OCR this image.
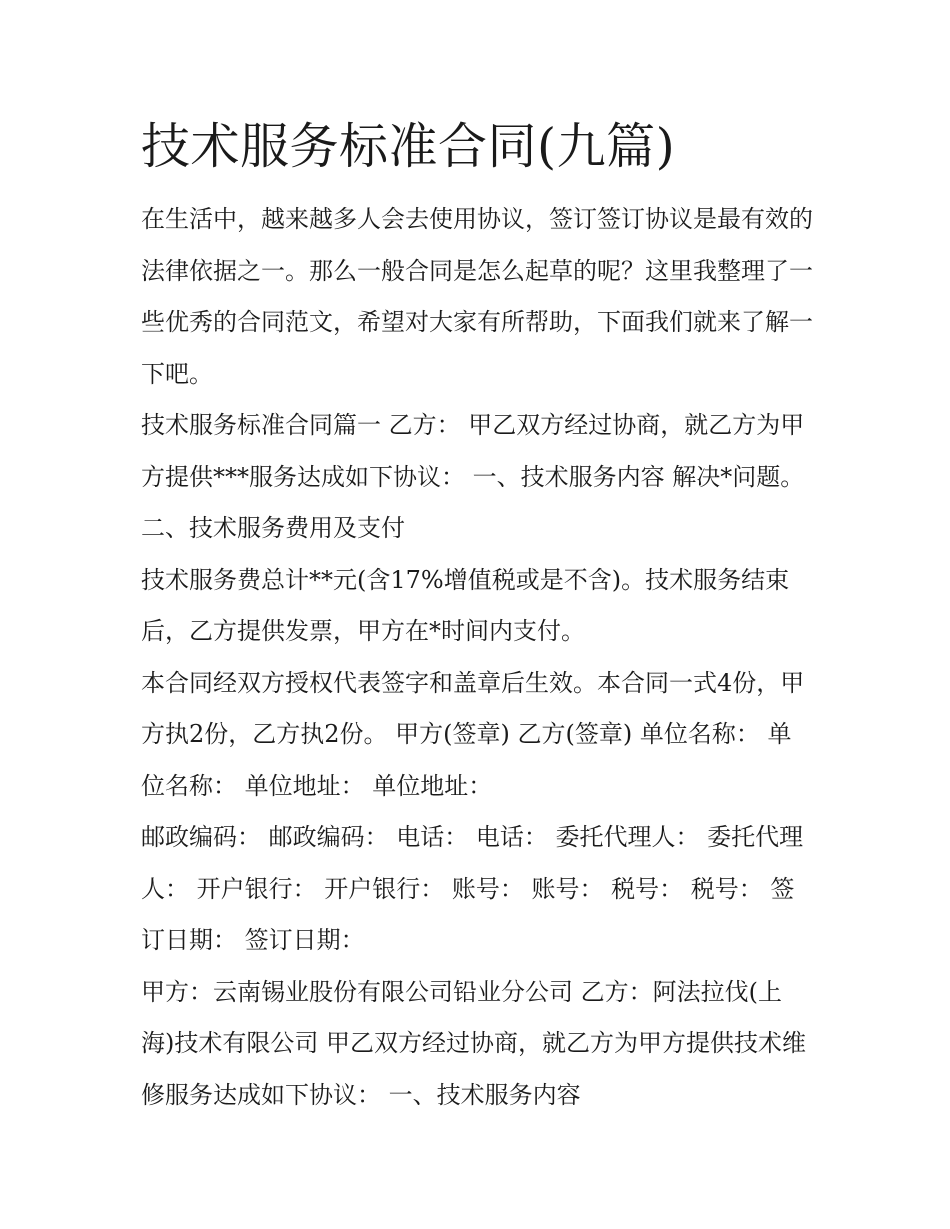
技术服务标准合同(九篇)

在生活中，越来越多人会去使用协议，签订签订协议是最有效的法律依据之一。那么一般合同是怎么起草的呢？这里我整理了一些优秀的合同范文，希望对大家有所帮助，下面我们就来了解一下吧。

技术服务标准合同篇一 乙方： 甲乙双方经过协商，就乙方为甲方提供***服务达成如下协议： 一、技术服务内容 解决*问题。 二、技术服务费用及支付

技术服务费总计**元(含17%增值税或是不含)。技术服务结束后，乙方提供发票，甲方在*时间内支付。

本合同经双方授权代表签字和盖章后生效。本合同一式4份，甲方执2份，乙方执2份。 甲方(签章) 乙方(签章) 单位名称： 单位名称： 单位地址： 单位地址：

邮政编码： 邮政编码： 电话： 电话： 委托代理人： 委托代理人： 开户银行： 开户银行： 账号： 账号： 税号： 税号： 签订日期： 签订日期：

甲方：云南锡业股份有限公司铅业分公司 乙方：阿法拉伐(上海)技术有限公司 甲乙双方经过协商，就乙方为甲方提供技术维修服务达成如下协议： 一、技术服务内容
